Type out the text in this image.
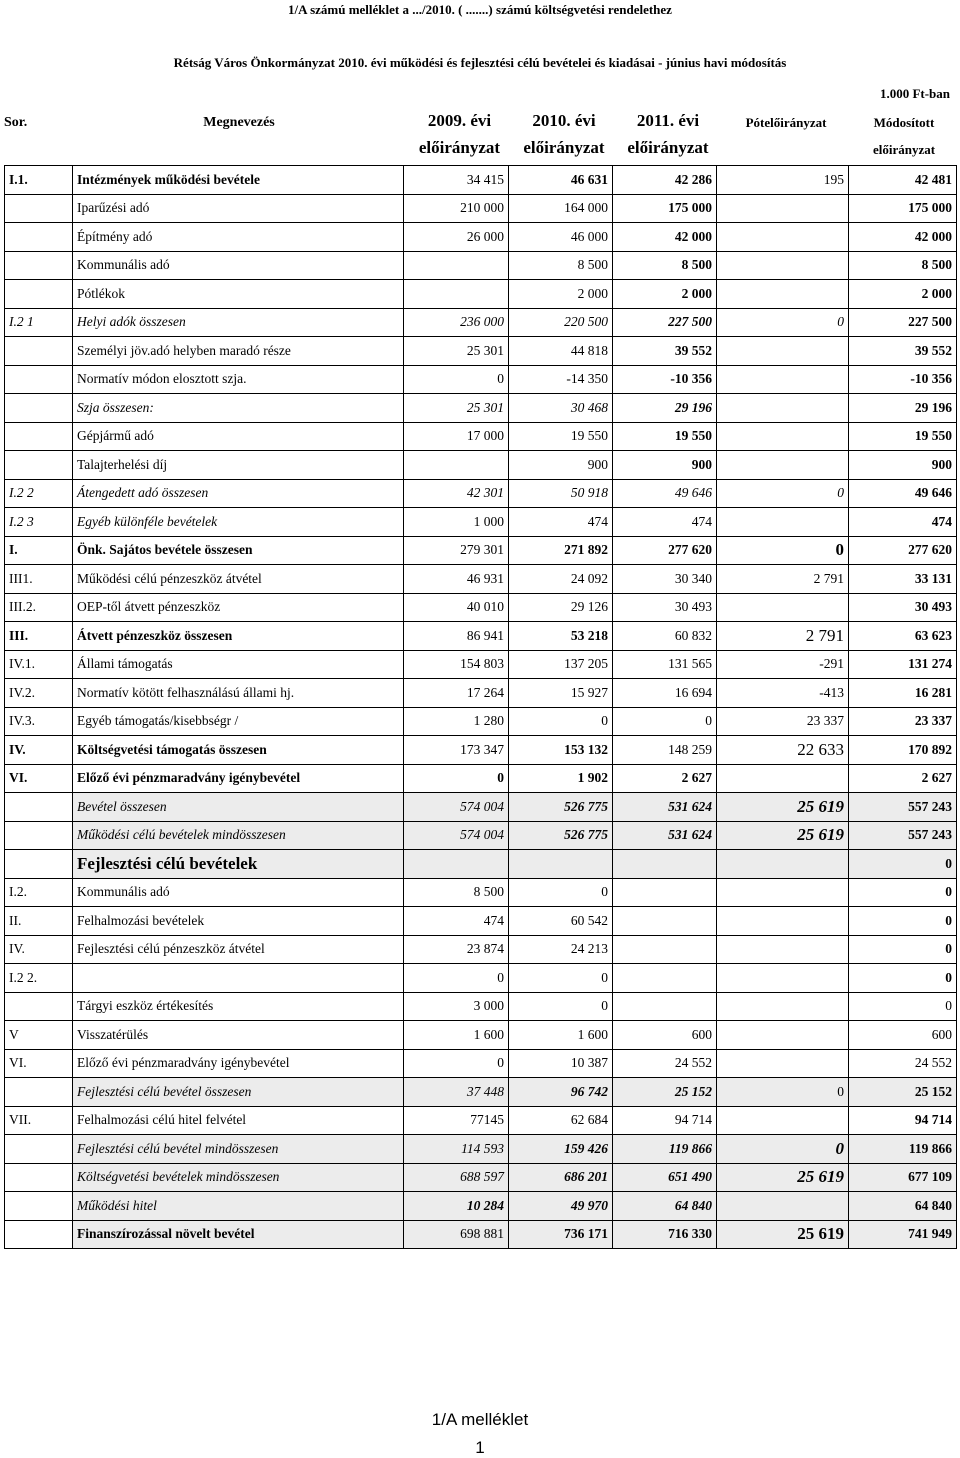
1/A számú melléklet a .../2010. ( .......) számú költségvetési rendelethez
Rétság Város Önkormányzat 2010. évi működési és fejlesztési célú bevételei és kiadásai - június havi módosítás
1.000 Ft-ban
Sor.	Megnevezés	2009. évi
előirányzat
2010. évi
előirányzat
2011. évi
előirányzat
Pótelőirányzat	Módosított
előirányzat
I.1.	Intézmények működési bevétele	34 415	46 631	42 286	195	42 481
	Iparűzési adó	210 000	164 000	175 000		175 000
	Építmény adó	26 000	46 000	42 000		42 000
	Kommunális adó		8 500	8 500		8 500
	Pótlékok		2 000	2 000		2 000
I.2 1	Helyi adók összesen	236 000	220 500	227 500	0	227 500
	Személyi jöv.adó helyben maradó része	25 301	44 818	39 552		39 552
	Normatív módon elosztott szja.	0	-14 350	-10 356		-10 356
	Szja összesen:	25 301	30 468	29 196		29 196
	Gépjármű adó	17 000	19 550	19 550		19 550
	Talajterhelési díj		900	900		900
I.2 2	Átengedett adó összesen	42 301	50 918	49 646	0	49 646
I.2 3	Egyéb különféle bevételek	1 000	474	474		474
I.	Önk. Sajátos bevétele összesen	279 301	271 892	277 620	0	277 620
III1.	Működési célú pénzeszköz átvétel	46 931	24 092	30 340	2 791	33 131
III.2.	OEP-től átvett pénzeszköz	40 010	29 126	30 493		30 493
III.	Átvett pénzeszköz összesen	86 941	53 218	60 832	2 791	63 623
IV.1.	Állami támogatás	154 803	137 205	131 565	-291	131 274
IV.2.	Normatív kötött felhasználású állami hj.	17 264	15 927	16 694	-413	16 281
IV.3.	Egyéb támogatás/kisebbségr /	1 280	0	0	23 337	23 337
IV.	Költségvetési támogatás összesen	173 347	153 132	148 259	22 633	170 892
VI.	Előző évi pénzmaradvány igénybevétel	0	1 902	2 627		2 627
	Bevétel összesen	574 004	526 775	531 624	25 619	557 243
	Működési célú bevételek mindösszesen	574 004	526 775	531 624	25 619	557 243
	Fejlesztési célú bevételek					0
I.2.	Kommunális adó	8 500	0			0
II.	Felhalmozási bevételek	474	60 542			0
IV.	Fejlesztési célú pénzeszköz átvétel	23 874	24 213			0
I.2 2.		0	0			0
	Tárgyi eszköz értékesítés	3 000	0			0
V	Visszatérülés	1 600	1 600	600		600
VI.	Előző évi pénzmaradvány igénybevétel	0	10 387	24 552		24 552
	Fejlesztési célú bevétel összesen	37 448	96 742	25 152	0	25 152
VII.	Felhalmozási célú hitel felvétel	77145	62 684	94 714		94 714
	Fejlesztési célú bevétel mindösszesen	114 593	159 426	119 866	0	119 866
	Költségvetési bevételek mindösszesen	688 597	686 201	651 490	25 619	677 109
	Működési hitel	10 284	49 970	64 840		64 840
	Finanszírozással növelt bevétel	698 881	736 171	716 330	25 619	741 949
1/A melléklet
1
